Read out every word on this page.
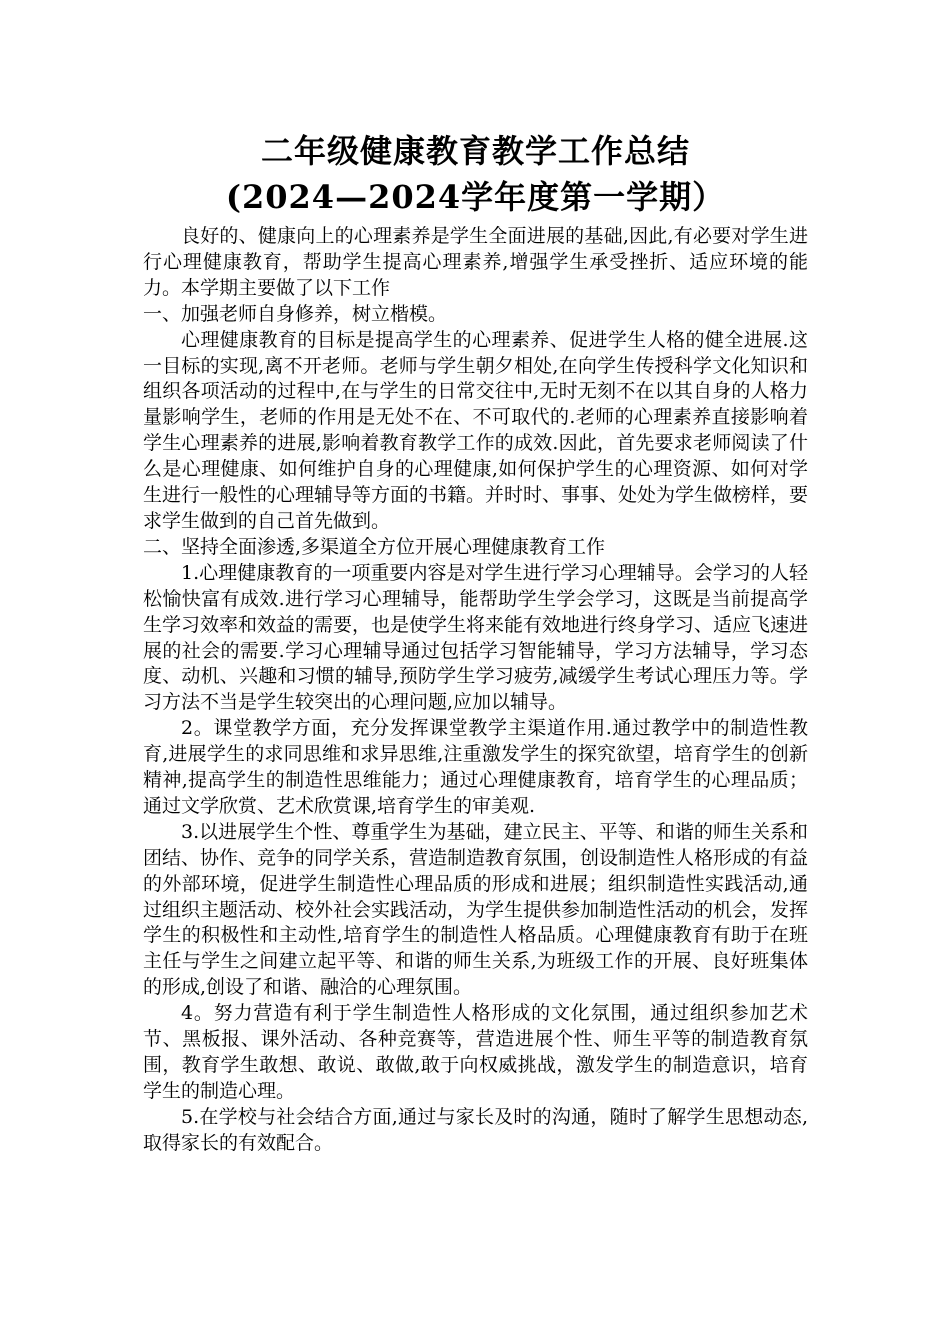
二年级健康教育教学工作总结
(2024—2024学年度第一学期）

良好的、健康向上的心理素养是学生全面进展的基础,因此,有必要对学生进行心理健康教育，帮助学生提高心理素养,增强学生承受挫折、适应环境的能力。本学期主要做了以下工作

一、加强老师自身修养，树立楷模。

心理健康教育的目标是提高学生的心理素养、促进学生人格的健全进展.这一目标的实现,离不开老师。老师与学生朝夕相处,在向学生传授科学文化知识和组织各项活动的过程中,在与学生的日常交往中,无时无刻不在以其自身的人格力量影响学生，老师的作用是无处不在、不可取代的.老师的心理素养直接影响着学生心理素养的进展,影响着教育教学工作的成效.因此，首先要求老师阅读了什么是心理健康、如何维护自身的心理健康,如何保护学生的心理资源、如何对学生进行一般性的心理辅导等方面的书籍。并时时、事事、处处为学生做榜样，要求学生做到的自己首先做到。

二、坚持全面渗透,多渠道全方位开展心理健康教育工作

1.心理健康教育的一项重要内容是对学生进行学习心理辅导。会学习的人轻松愉快富有成效.进行学习心理辅导，能帮助学生学会学习，这既是当前提高学生学习效率和效益的需要，也是使学生将来能有效地进行终身学习、适应飞速进展的社会的需要.学习心理辅导通过包括学习智能辅导，学习方法辅导，学习态度、动机、兴趣和习惯的辅导,预防学生学习疲劳,减缓学生考试心理压力等。学习方法不当是学生较突出的心理问题,应加以辅导。

2。课堂教学方面，充分发挥课堂教学主渠道作用.通过教学中的制造性教育,进展学生的求同思维和求异思维,注重激发学生的探究欲望，培育学生的创新精神,提高学生的制造性思维能力；通过心理健康教育，培育学生的心理品质；通过文学欣赏、艺术欣赏课,培育学生的审美观.

3.以进展学生个性、尊重学生为基础，建立民主、平等、和谐的师生关系和团结、协作、竞争的同学关系，营造制造教育氛围，创设制造性人格形成的有益的外部环境，促进学生制造性心理品质的形成和进展；组织制造性实践活动,通过组织主题活动、校外社会实践活动，为学生提供参加制造性活动的机会，发挥学生的积极性和主动性,培育学生的制造性人格品质。心理健康教育有助于在班主任与学生之间建立起平等、和谐的师生关系,为班级工作的开展、良好班集体的形成,创设了和谐、融洽的心理氛围。

4。努力营造有利于学生制造性人格形成的文化氛围，通过组织参加艺术节、黑板报、课外活动、各种竞赛等，营造进展个性、师生平等的制造教育氛围，教育学生敢想、敢说、敢做,敢于向权威挑战，激发学生的制造意识，培育学生的制造心理。

5.在学校与社会结合方面,通过与家长及时的沟通，随时了解学生思想动态,取得家长的有效配合。
